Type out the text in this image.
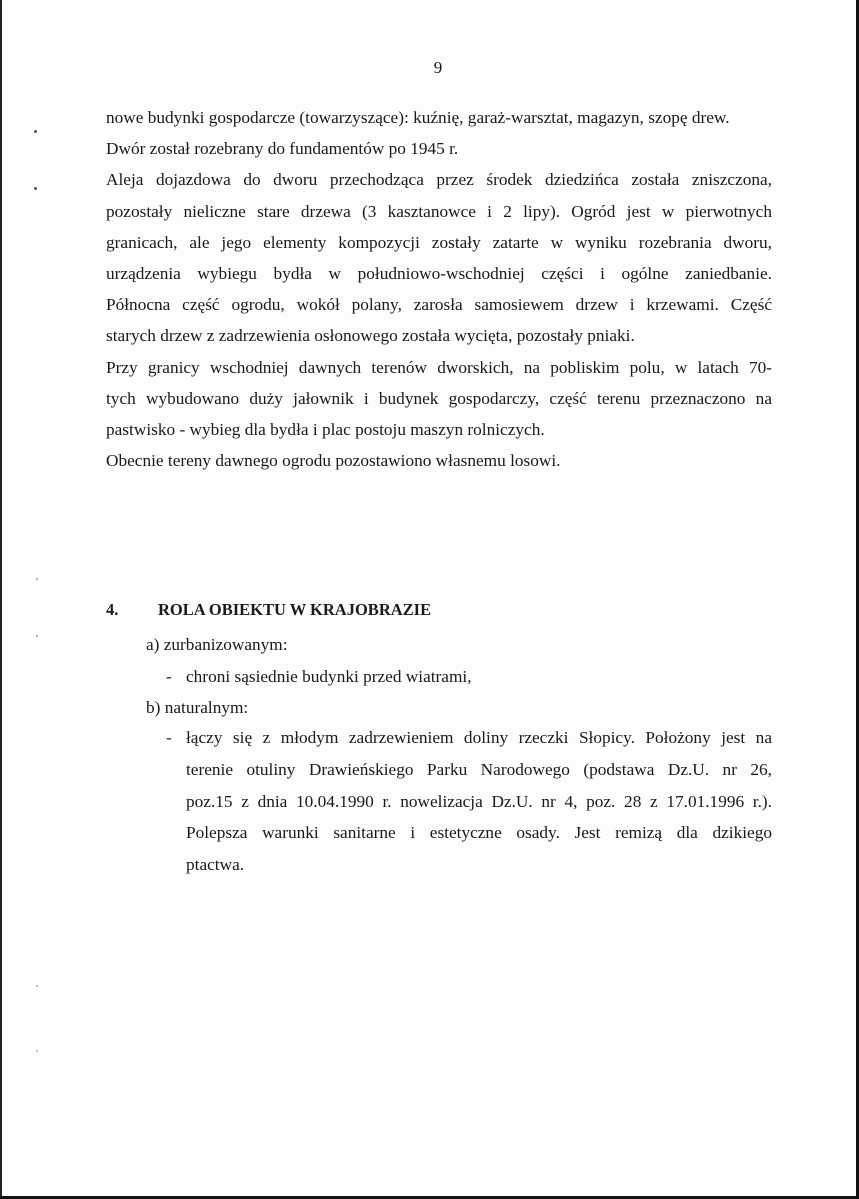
9
nowe budynki gospodarcze (towarzyszące): kuźnię, garaż-warsztat, magazyn, szopę drew.
Dwór został rozebrany do fundamentów po 1945 r.
Aleja dojazdowa do dworu przechodząca przez środek dziedzińca została zniszczona,
pozostały nieliczne stare drzewa (3 kasztanowce i 2 lipy). Ogród jest w pierwotnych
granicach, ale jego elementy kompozycji zostały zatarte w wyniku rozebrania dworu,
urządzenia wybiegu bydła w południowo-wschodniej części i ogólne zaniedbanie.
Północna część ogrodu, wokół polany, zarosła samosiewem drzew i krzewami. Część
starych drzew z zadrzewienia osłonowego została wycięta, pozostały pniaki.
Przy granicy wschodniej dawnych terenów dworskich, na pobliskim polu, w latach 70-
tych wybudowano duży jałownik i budynek gospodarczy, część terenu przeznaczono na
pastwisko - wybieg dla bydła i plac postoju maszyn rolniczych.
Obecnie tereny dawnego ogrodu pozostawiono własnemu losowi.
4. ROLA OBIEKTU W KRAJOBRAZIE
a) zurbanizowanym:
- chroni sąsiednie budynki przed wiatrami,
b) naturalnym:
- łączy się z młodym zadrzewieniem doliny rzeczki Słopicy. Położony jest na
terenie otuliny Drawieńskiego Parku Narodowego (podstawa Dz.U. nr 26,
poz.15 z dnia 10.04.1990 r. nowelizacja Dz.U. nr 4, poz. 28 z 17.01.1996 r.).
Polepsza warunki sanitarne i estetyczne osady. Jest remizą dla dzikiego
ptactwa.
